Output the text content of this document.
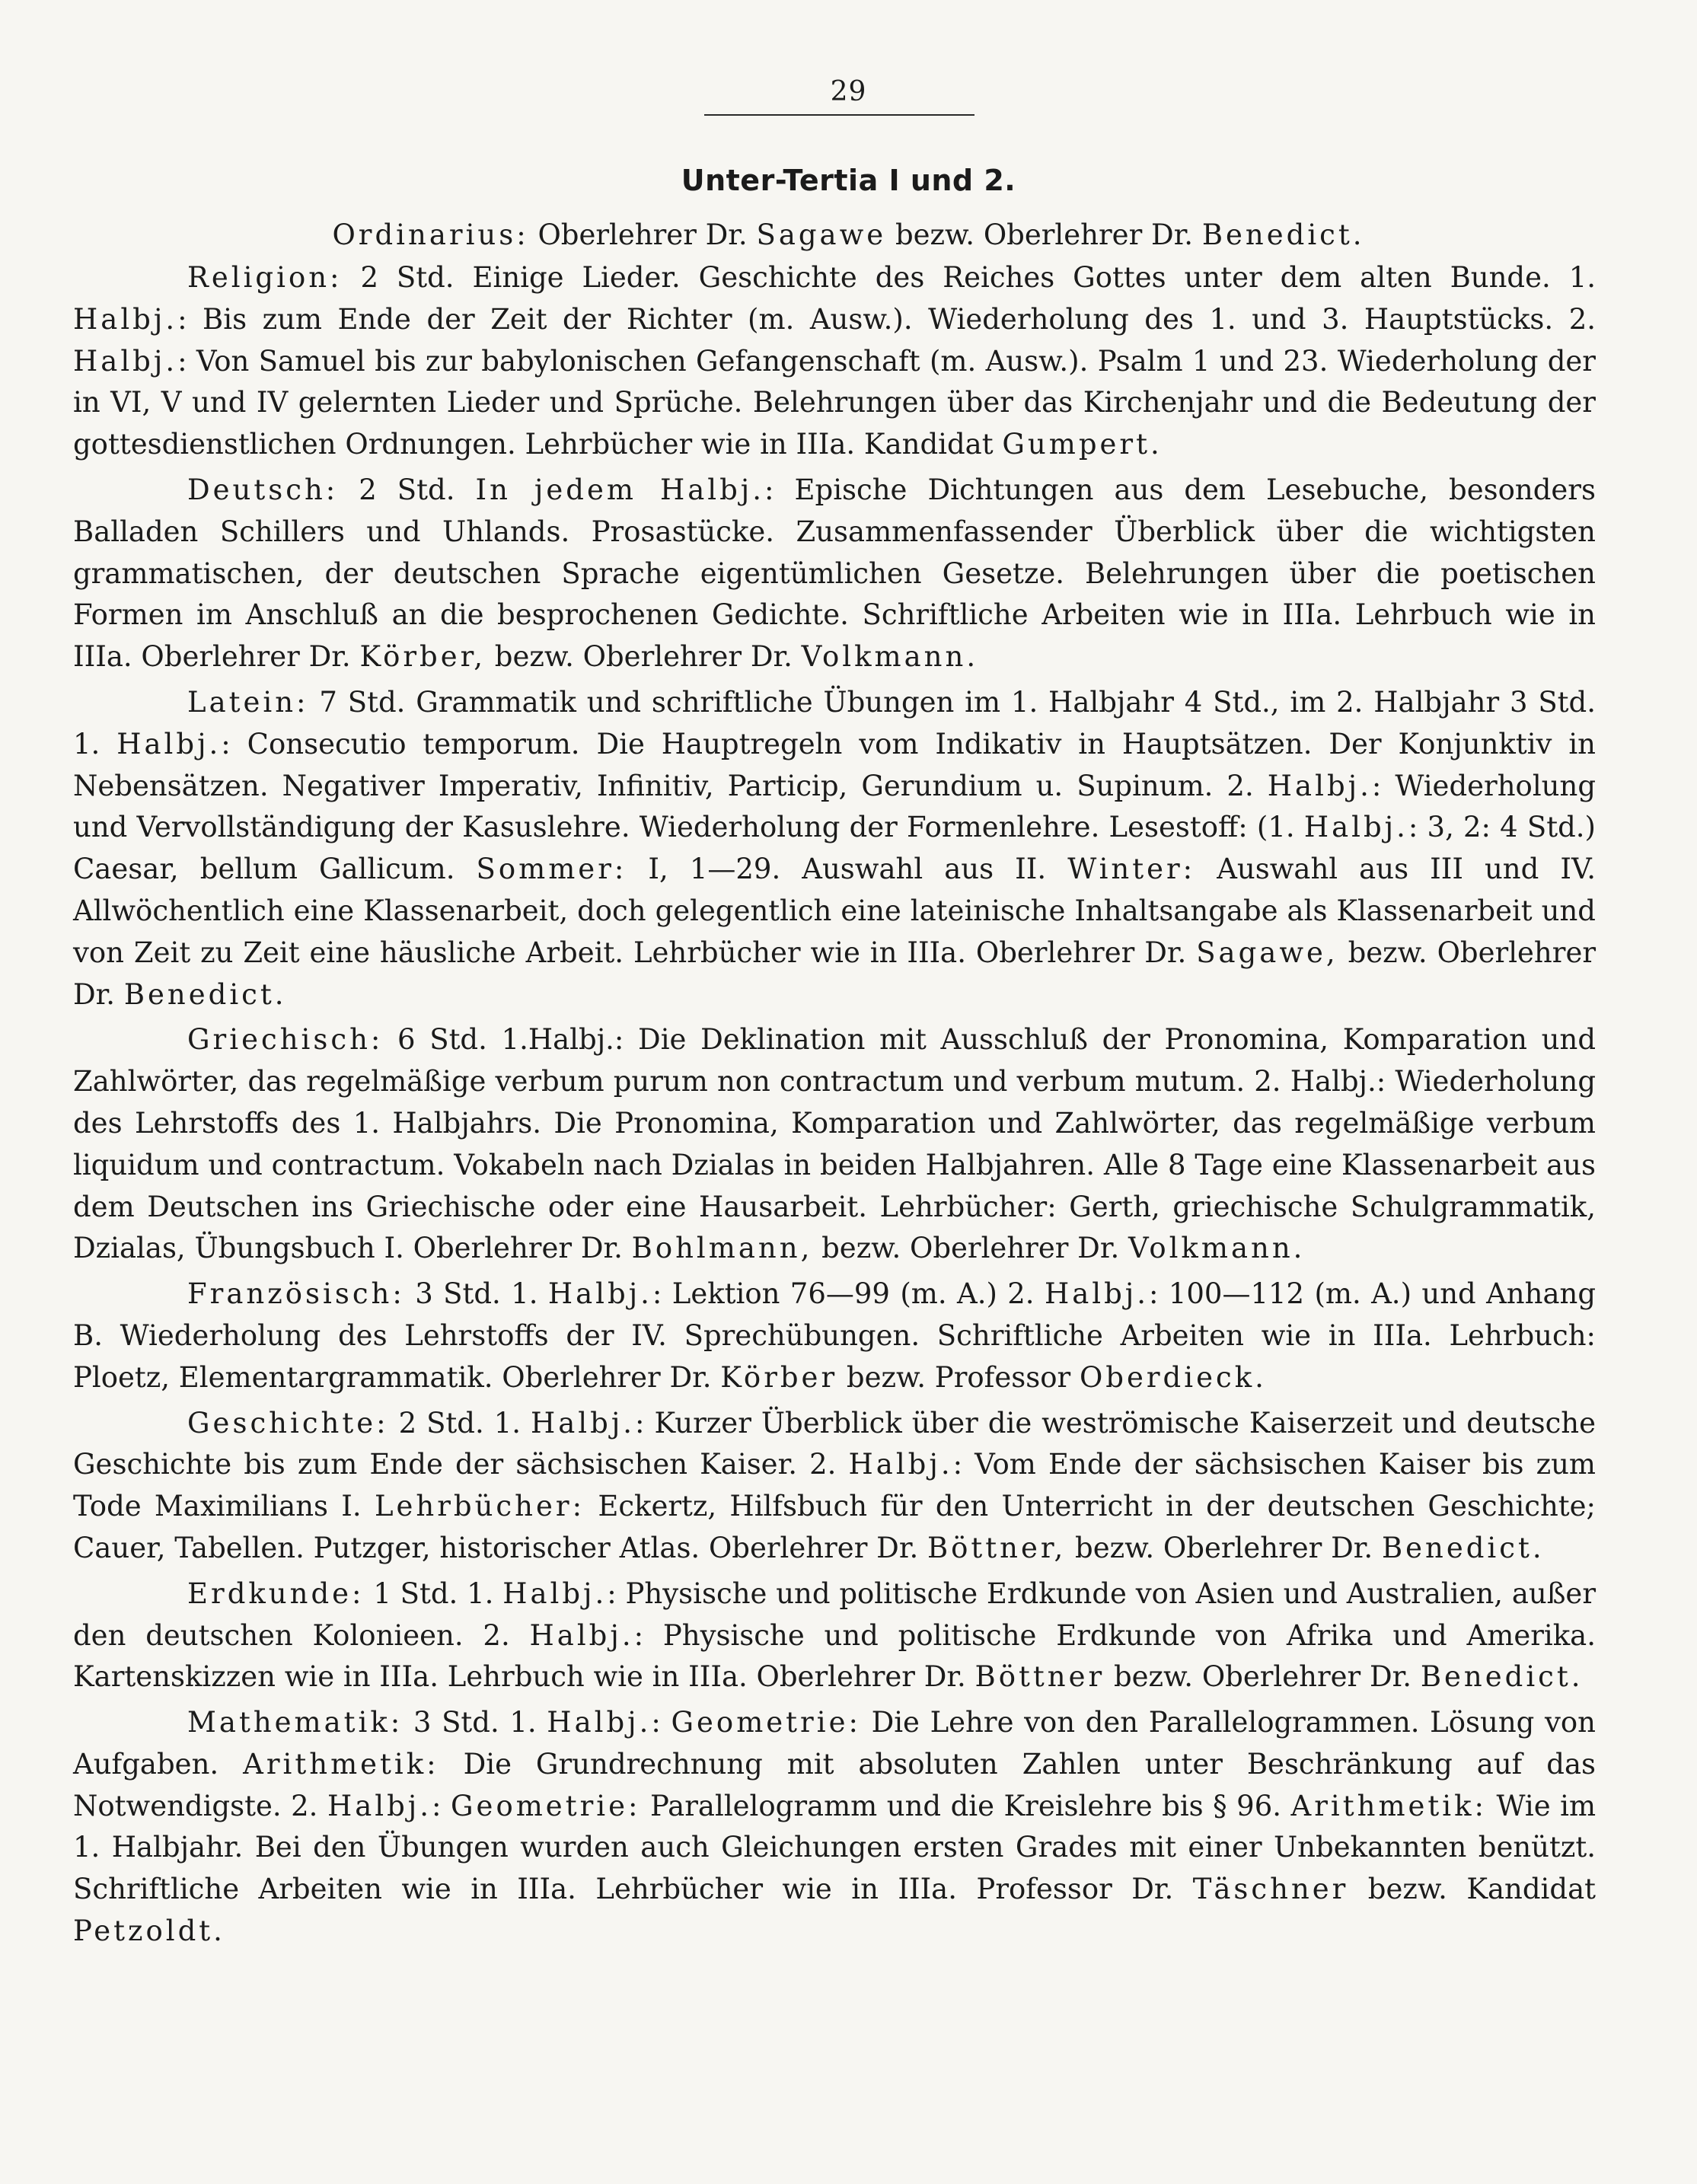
29
Unter-Tertia I und 2.
Ordinarius: Oberlehrer Dr. Sagawe bezw. Oberlehrer Dr. Benedict.

Religion: 2 Std. Einige Lieder. Geschichte des Reiches Gottes unter dem alten Bunde. 1. Halbj.: Bis zum Ende der Zeit der Richter (m. Ausw.). Wiederholung des 1. und 3. Hauptstücks. 2. Halbj.: Von Samuel bis zur babylonischen Gefangenschaft (m. Ausw.). Psalm 1 und 23. Wiederholung der in VI, V und IV gelernten Lieder und Sprüche. Belehrungen über das Kirchenjahr und die Bedeutung der gottesdienstlichen Ordnungen. Lehrbücher wie in IIIa. Kandidat Gumpert.

Deutsch: 2 Std. In jedem Halbj.: Epische Dichtungen aus dem Lesebuche, besonders Balladen Schillers und Uhlands. Prosastücke. Zusammenfassender Überblick über die wichtigsten grammatischen, der deutschen Sprache eigentümlichen Gesetze. Belehrungen über die poetischen Formen im Anschluß an die besprochenen Gedichte. Schriftliche Arbeiten wie in IIIa. Lehrbuch wie in IIIa. Oberlehrer Dr. Körber, bezw. Oberlehrer Dr. Volkmann.

Latein: 7 Std. Grammatik und schriftliche Übungen im 1. Halbjahr 4 Std., im 2. Halbjahr 3 Std. 1. Halbj.: Consecutio temporum. Die Hauptregeln vom Indikativ in Hauptsätzen. Der Konjunktiv in Nebensätzen. Negativer Imperativ, Infinitiv, Particip, Gerundium u. Supinum. 2. Halbj.: Wiederholung und Vervollständigung der Kasuslehre. Wiederholung der Formenlehre. Lesestoff: (1. Halbj.: 3, 2: 4 Std.) Caesar, bellum Gallicum. Sommer: I, 1—29. Auswahl aus II. Winter: Auswahl aus III und IV. Allwöchentlich eine Klassenarbeit, doch gelegentlich eine lateinische Inhaltsangabe als Klassenarbeit und von Zeit zu Zeit eine häusliche Arbeit. Lehrbücher wie in IIIa. Oberlehrer Dr. Sagawe, bezw. Oberlehrer Dr. Benedict.

Griechisch: 6 Std. 1.Halbj.: Die Deklination mit Ausschluß der Pronomina, Komparation und Zahlwörter, das regelmäßige verbum purum non contractum und verbum mutum. 2. Halbj.: Wiederholung des Lehrstoffs des 1. Halbjahrs. Die Pronomina, Komparation und Zahlwörter, das regelmäßige verbum liquidum und contractum. Vokabeln nach Dzialas in beiden Halbjahren. Alle 8 Tage eine Klassenarbeit aus dem Deutschen ins Griechische oder eine Hausarbeit. Lehrbücher: Gerth, griechische Schulgrammatik, Dzialas, Übungsbuch I. Oberlehrer Dr. Bohlmann, bezw. Oberlehrer Dr. Volkmann.

Französisch: 3 Std. 1. Halbj.: Lektion 76—99 (m. A.) 2. Halbj.: 100—112 (m. A.) und Anhang B. Wiederholung des Lehrstoffs der IV. Sprechübungen. Schriftliche Arbeiten wie in IIIa. Lehrbuch: Ploetz, Elementargrammatik. Oberlehrer Dr. Körber bezw. Professor Oberdieck.

Geschichte: 2 Std. 1. Halbj.: Kurzer Überblick über die weströmische Kaiserzeit und deutsche Geschichte bis zum Ende der sächsischen Kaiser. 2. Halbj.: Vom Ende der sächsischen Kaiser bis zum Tode Maximilians I. Lehrbücher: Eckertz, Hilfsbuch für den Unterricht in der deutschen Geschichte; Cauer, Tabellen. Putzger, historischer Atlas. Oberlehrer Dr. Böttner, bezw. Oberlehrer Dr. Benedict.

Erdkunde: 1 Std. 1. Halbj.: Physische und politische Erdkunde von Asien und Australien, außer den deutschen Kolonieen. 2. Halbj.: Physische und politische Erdkunde von Afrika und Amerika. Kartenskizzen wie in IIIa. Lehrbuch wie in IIIa. Oberlehrer Dr. Böttner bezw. Oberlehrer Dr. Benedict.

Mathematik: 3 Std. 1. Halbj.: Geometrie: Die Lehre von den Parallelogrammen. Lösung von Aufgaben. Arithmetik: Die Grundrechnung mit absoluten Zahlen unter Beschränkung auf das Notwendigste. 2. Halbj.: Geometrie: Parallelogramm und die Kreislehre bis § 96. Arithmetik: Wie im 1. Halbjahr. Bei den Übungen wurden auch Gleichungen ersten Grades mit einer Unbekannten benützt. Schriftliche Arbeiten wie in IIIa. Lehrbücher wie in IIIa. Professor Dr. Täschner bezw. Kandidat Petzoldt.
